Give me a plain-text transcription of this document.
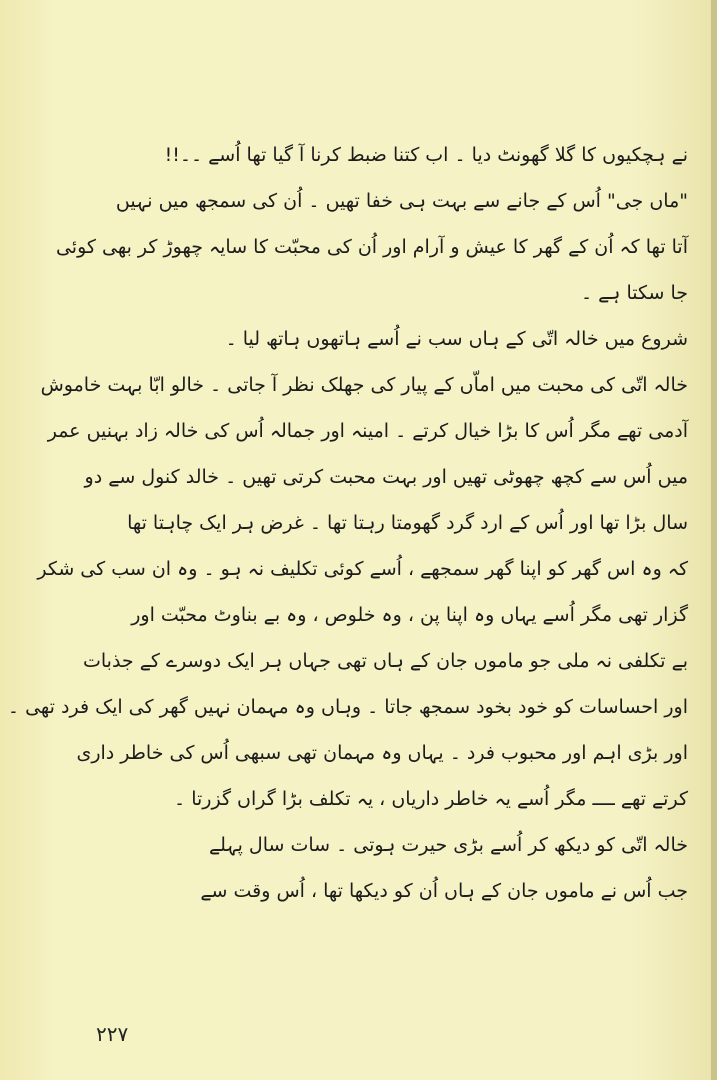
نے ہچکیوں کا گلا گھونٹ دیا ۔ اب کتنا ضبط کرنا آ گیا تھا اُسے ۔۔!!
"ماں جی" اُس کے جانے سے بہت ہی خفا تھیں ۔ اُن کی سمجھ میں نہیں
آتا تھا کہ اُن کے گھر کا عیش و آرام اور اُن کی محبّت کا سایہ چھوڑ کر بھی کوئی
جا سکتا ہے ۔
شروع میں خالہ اتّی کے ہاں سب نے اُسے ہاتھوں ہاتھ لیا ۔
خالہ اتّی کی محبت میں اماّں کے پیار کی جھلک نظر آ جاتی ۔ خالو ابّا بہت خاموش
آدمی تھے مگر اُس کا بڑا خیال کرتے ۔ امینہ اور جمالہ اُس کی خالہ زاد بہنیں عمر
میں اُس سے کچھ چھوٹی تھیں اور بہت محبت کرتی تھیں ۔ خالد کنول سے دو
سال بڑا تھا اور اُس کے ارد گرد گھومتا رہتا تھا ۔ غرض ہر ایک چاہتا تھا
کہ وہ اس گھر کو اپنا گھر سمجھے ، اُسے کوئی تکلیف نہ ہو ۔ وہ ان سب کی شکر
گزار تھی مگر اُسے یہاں وہ اپنا پن ، وہ خلوص ، وہ بے بناوٹ محبّت اور
بے تکلفی نہ ملی جو ماموں جان کے ہاں تھی جہاں ہر ایک دوسرے کے جذبات
اور احساسات کو خود بخود سمجھ جاتا ۔ وہاں وہ مہمان نہیں گھر کی ایک فرد تھی ۔
اور بڑی اہم اور محبوب فرد ۔ یہاں وہ مہمان تھی سبھی اُس کی خاطر داری
کرتے تھے ــــ مگر اُسے یہ خاطر داریاں ، یہ تکلف بڑا گراں گزرتا ۔
خالہ اتّی کو دیکھ کر اُسے بڑی حیرت ہوتی ۔ سات سال پہلے
جب اُس نے ماموں جان کے ہاں اُن کو دیکھا تھا ، اُس وقت سے
۲۲۷
